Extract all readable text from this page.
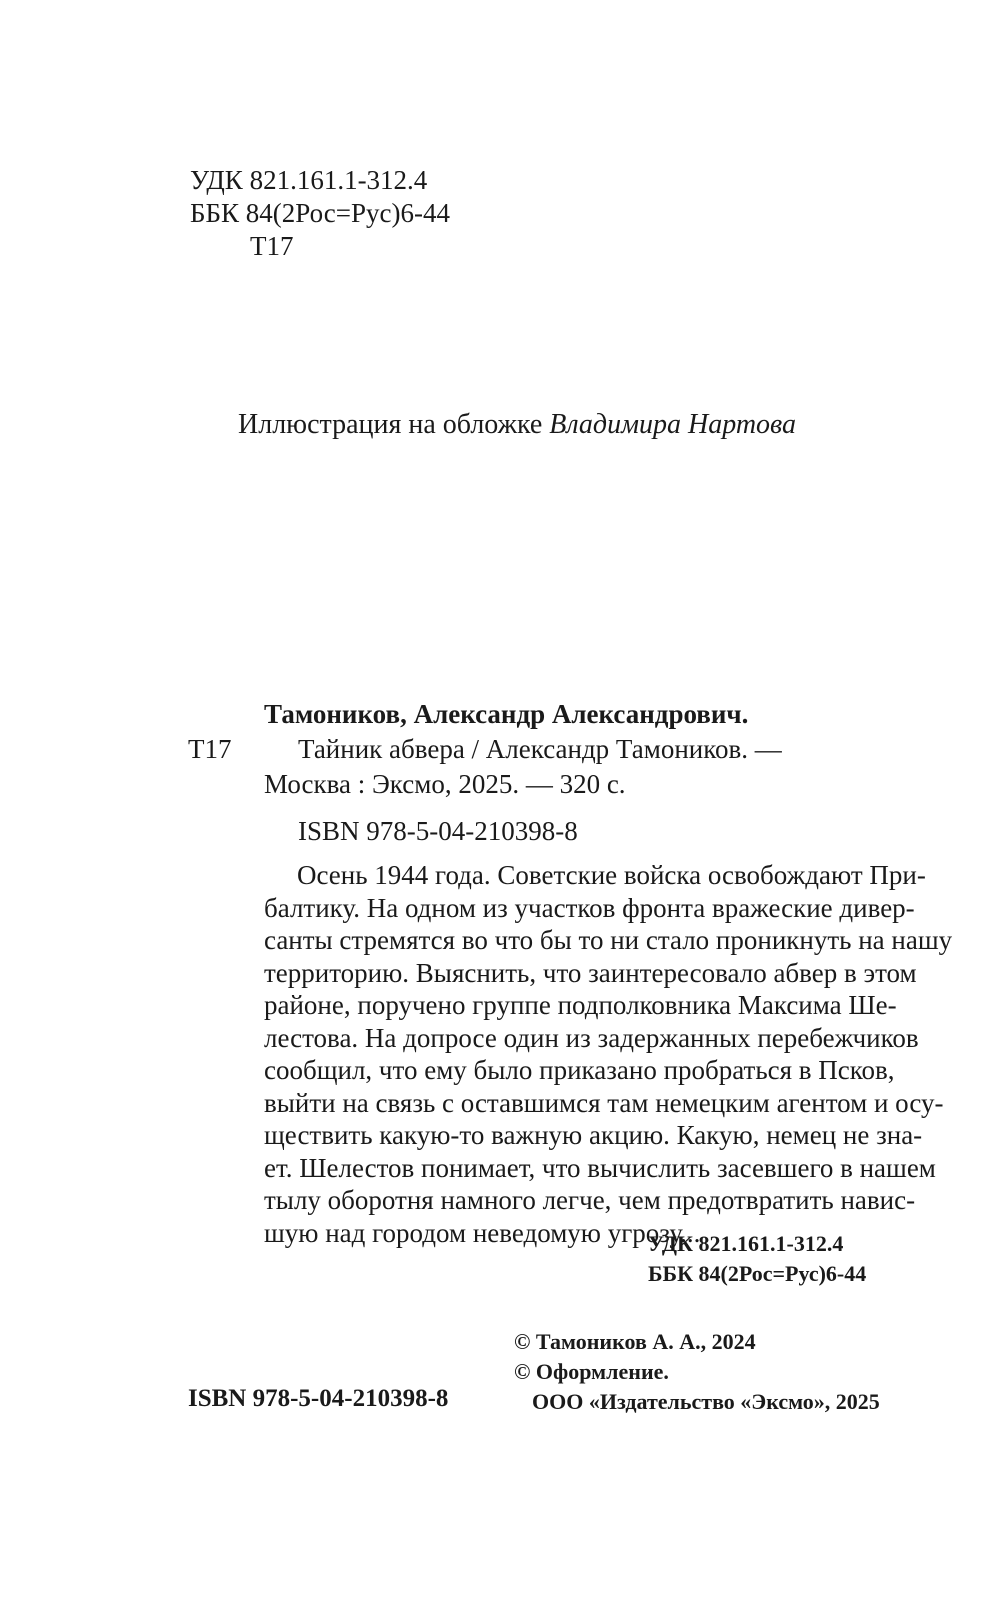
УДК 821.161.1-312.4
ББК 84(2Рос=Рус)6-44
Т17
Иллюстрация на обложке Владимира Нартова
Тамоников, Александр Александрович.
Т17 Тайник абвера / Александр Тамоников. —
Москва : Эксмо, 2025. — 320 с.
ISBN 978-5-04-210398-8
Осень 1944 года. Советские войска освобождают При-
балтику. На одном из участков фронта вражеские дивер-
санты стремятся во что бы то ни стало проникнуть на нашу
территорию. Выяснить, что заинтересовало абвер в этом
районе, поручено группе подполковника Максима Ше-
лестова. На допросе один из задержанных перебежчиков
сообщил, что ему было приказано пробраться в Псков,
выйти на связь с оставшимся там немецким агентом и осу-
ществить какую-то важную акцию. Какую, немец не зна-
ет. Шелестов понимает, что вычислить засевшего в нашем
тылу оборотня намного легче, чем предотвратить навис-
шую над городом неведомую угрозу...
УДК 821.161.1-312.4
ББК 84(2Рос=Рус)6-44
© Тамоников А. А., 2024
© Оформление.
ООО «Издательство «Эксмо», 2025
ISBN 978-5-04-210398-8
